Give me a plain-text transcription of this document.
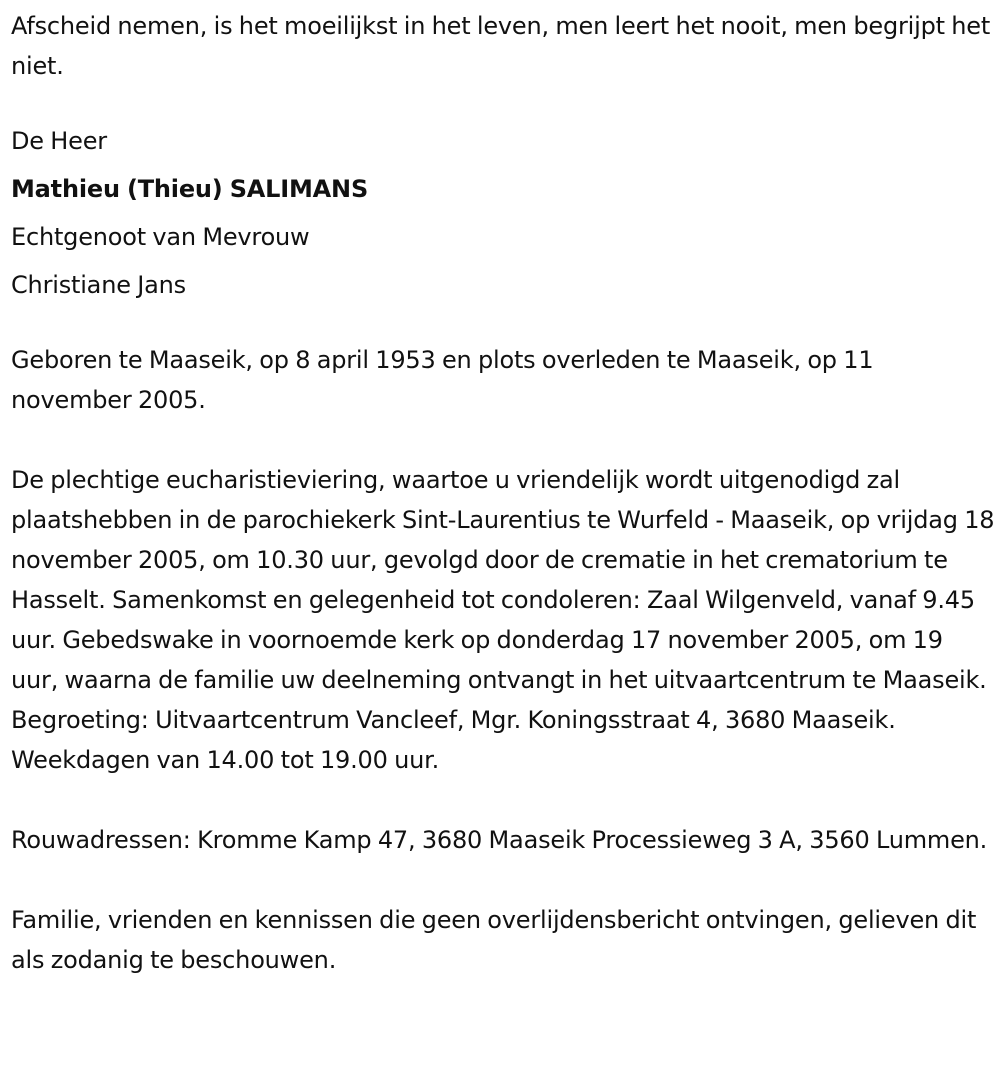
Afscheid nemen, is het moeilijkst in het leven, men leert het nooit, men begrijpt het niet.

De Heer

Mathieu (Thieu) SALIMANS

Echtgenoot van Mevrouw

Christiane Jans

Geboren te Maaseik, op 8 april 1953 en plots overleden te Maaseik, op 11 november 2005.

De plechtige eucharistieviering, waartoe u vriendelijk wordt uitgenodigd zal plaatshebben in de parochiekerk Sint-Laurentius te Wurfeld - Maaseik, op vrijdag 18 november 2005, om 10.30 uur, gevolgd door de crematie in het crematorium te Hasselt. Samenkomst en gelegenheid tot condoleren: Zaal Wilgenveld, vanaf 9.45 uur. Gebedswake in voornoemde kerk op donderdag 17 november 2005, om 19 uur, waarna de familie uw deelneming ontvangt in het uitvaartcentrum te Maaseik. Begroeting: Uitvaartcentrum Vancleef, Mgr. Koningsstraat 4, 3680 Maaseik. Weekdagen van 14.00 tot 19.00 uur.

Rouwadressen: Kromme Kamp 47, 3680 Maaseik Processieweg 3 A, 3560 Lummen.

Familie, vrienden en kennissen die geen overlijdensbericht ontvingen, gelieven dit als zodanig te beschouwen.
